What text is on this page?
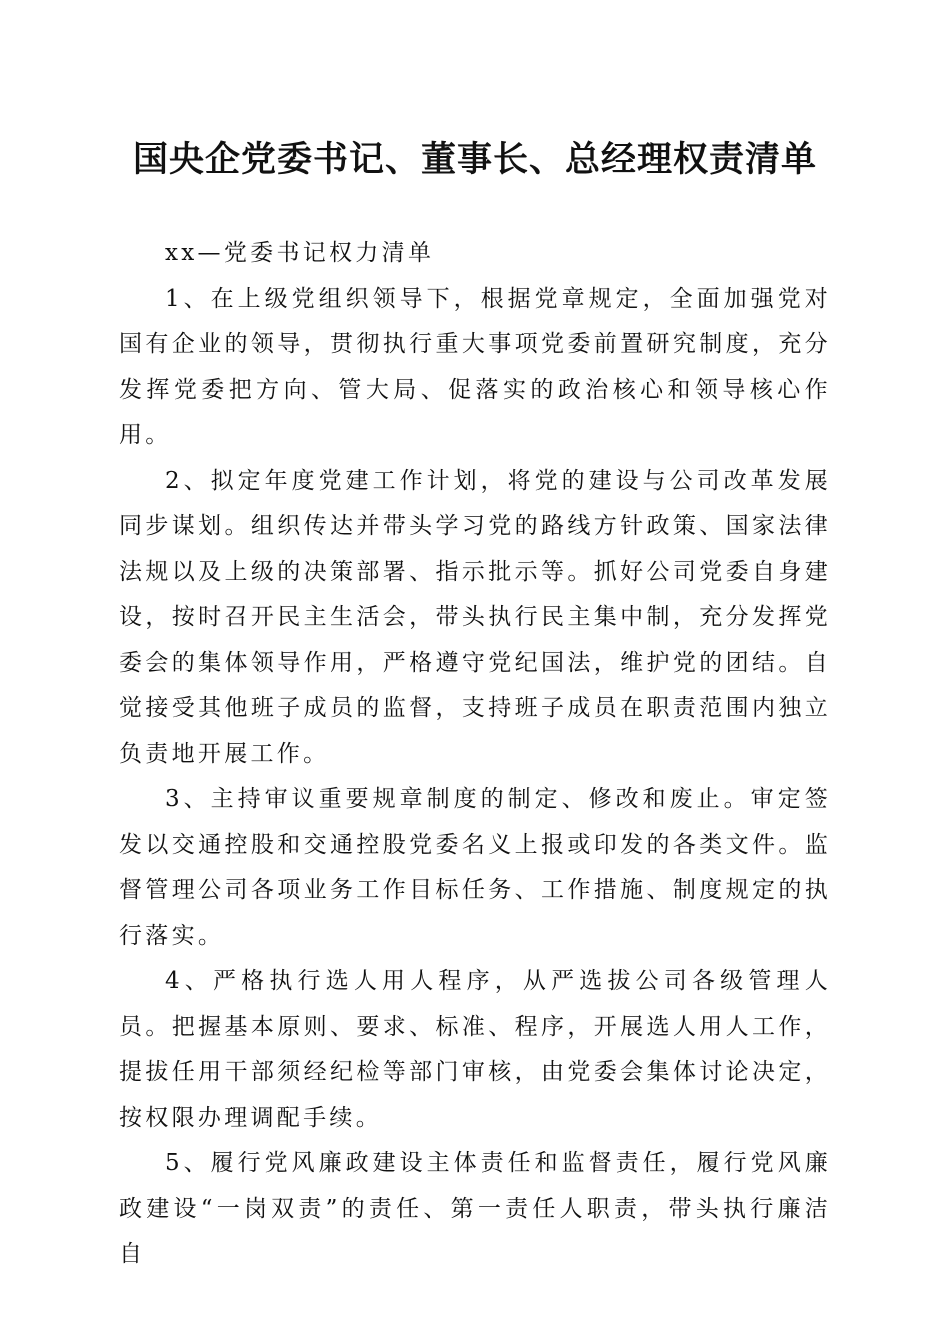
国央企党委书记、董事长、总经理权责清单

xx—党委书记权力清单

1、在上级党组织领导下，根据党章规定，全面加强党对国有企业的领导，贯彻执行重大事项党委前置研究制度，充分发挥党委把方向、管大局、促落实的政治核心和领导核心作用。

2、拟定年度党建工作计划，将党的建设与公司改革发展同步谋划。组织传达并带头学习党的路线方针政策、国家法律法规以及上级的决策部署、指示批示等。抓好公司党委自身建设，按时召开民主生活会，带头执行民主集中制，充分发挥党委会的集体领导作用，严格遵守党纪国法，维护党的团结。自觉接受其他班子成员的监督，支持班子成员在职责范围内独立负责地开展工作。

3、主持审议重要规章制度的制定、修改和废止。审定签发以交通控股和交通控股党委名义上报或印发的各类文件。监督管理公司各项业务工作目标任务、工作措施、制度规定的执行落实。

4、严格执行选人用人程序，从严选拔公司各级管理人员。把握基本原则、要求、标准、程序，开展选人用人工作，提拔任用干部须经纪检等部门审核，由党委会集体讨论决定，按权限办理调配手续。

5、履行党风廉政建设主体责任和监督责任，履行党风廉政建设“一岗双责”的责任、第一责任人职责，带头执行廉洁自
